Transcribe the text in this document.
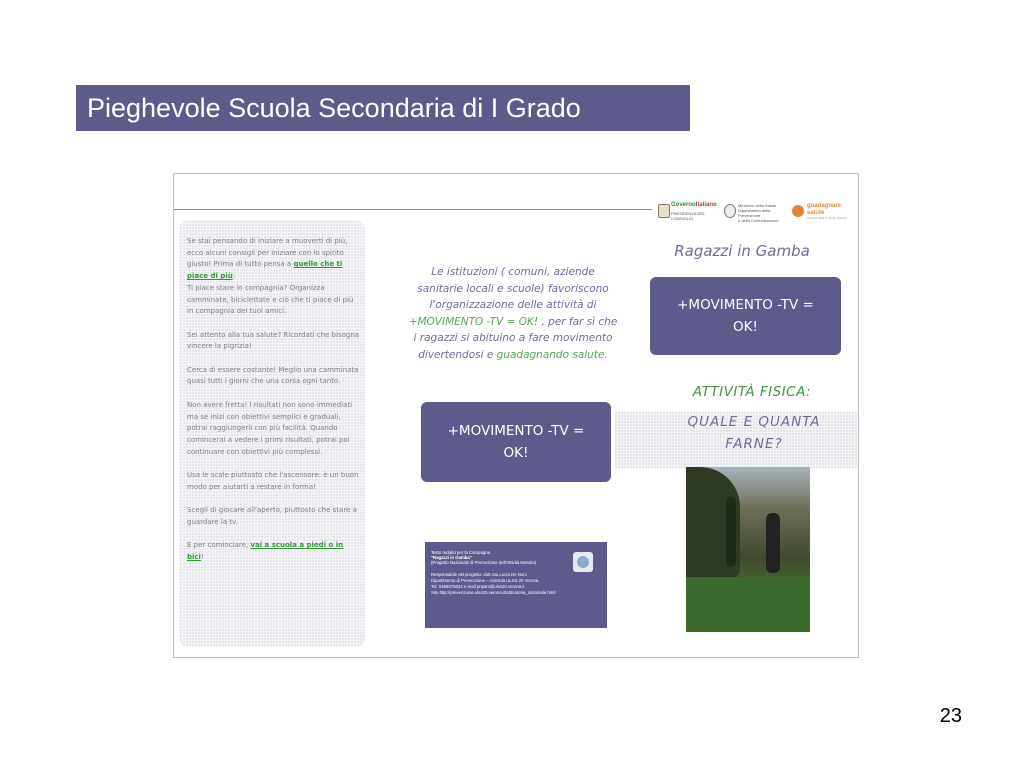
Pieghevole Scuola Secondaria di I Grado
GovernoItaliano
PRESIDENZA DEL CONSIGLIO
Ministero della Salute
Dipartimento della Prevenzione
e della Comunicazione
guadagnare
salute
rendere facili le scelte salutari

Se stai pensando di iniziare a muoverti di più, ecco alcuni consigli per iniziare con lo spirito giusto! Prima di tutto pensa a quello che ti piace di più:
Ti piace stare in compagnia? Organizza camminate, biciclettate e ciò che ti piace di più in compagnia dei tuoi amici.

Sei attento alla tua salute? Ricordati che bisogna vincere la pigrizia!

Cerca di essere costante! Meglio una camminata quasi tutti i giorni che una corsa ogni tanto.

Non avere fretta! I risultati non sono immediati ma se inizi con obiettivi semplici e graduali, potrai raggiungerli con più facilità. Quando comincerai a vedere i primi risultati, potrai poi continuare con obiettivi più complessi.

Usa le scale piuttosto che l'ascensore: è un buon modo per aiutarti a restare in forma!

Scegli di giocare all'aperto, piuttosto che stare a guardare la tv.

E per cominciare, vai a scuola a piedi o in bici!

Le istituzioni ( comuni, aziende sanitarie locali e scuole) favoriscono l'organizzazione delle attività di +MOVIMENTO -TV = OK! , per far sì che i ragazzi si abituino a fare movimento divertendosi e guadagnando salute.
+MOVIMENTO -TV =
OK!
Testo redatto per la Campagna
"Ragazzi in Gamba"
(Progetto Nazionale di Promozione dell'Attività Motoria)
Responsabile del progetto: dott.ssa Lucia De Noni
Dipartimento di Prevenzione – Azienda ULSS 20 Verona
Tel. 0458075034 e-mail pnpam@ulss20.verona.it
Sito http://prevenzione.ulss20.verona.it/attmotoria_nazionale.html
Ragazzi in Gamba
+MOVIMENTO -TV =
OK!
ATTIVITÀ FISICA:
QUALE E QUANTA
FARNE?
23
